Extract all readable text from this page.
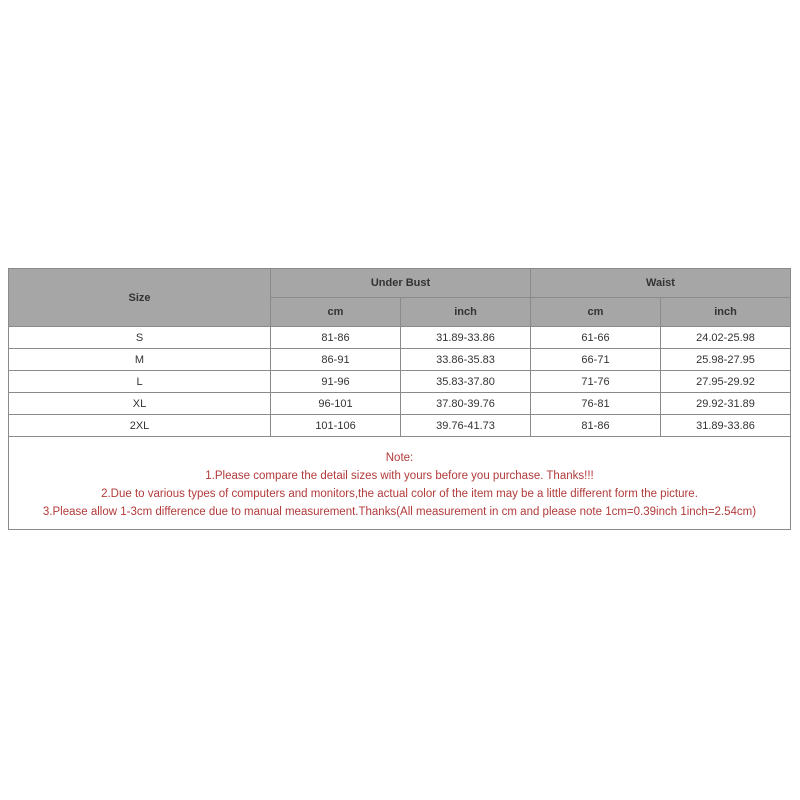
Size	Under Bust		Waist	
	cm	inch	cm	inch
S	81-86	31.89-33.86	61-66	24.02-25.98
M	86-91	33.86-35.83	66-71	25.98-27.95
L	91-96	35.83-37.80	71-76	27.95-29.92
XL	96-101	37.80-39.76	76-81	29.92-31.89
2XL	101-106	39.76-41.73	81-86	31.89-33.86

Note:
1.Please compare the detail sizes with yours before you purchase. Thanks!!!
2.Due to various types of computers and monitors,the actual color of the item may be a little different form the picture.
3.Please allow 1-3cm difference due to manual measurement.Thanks(All measurement in cm and please note 1cm=0.39inch 1inch=2.54cm)				
